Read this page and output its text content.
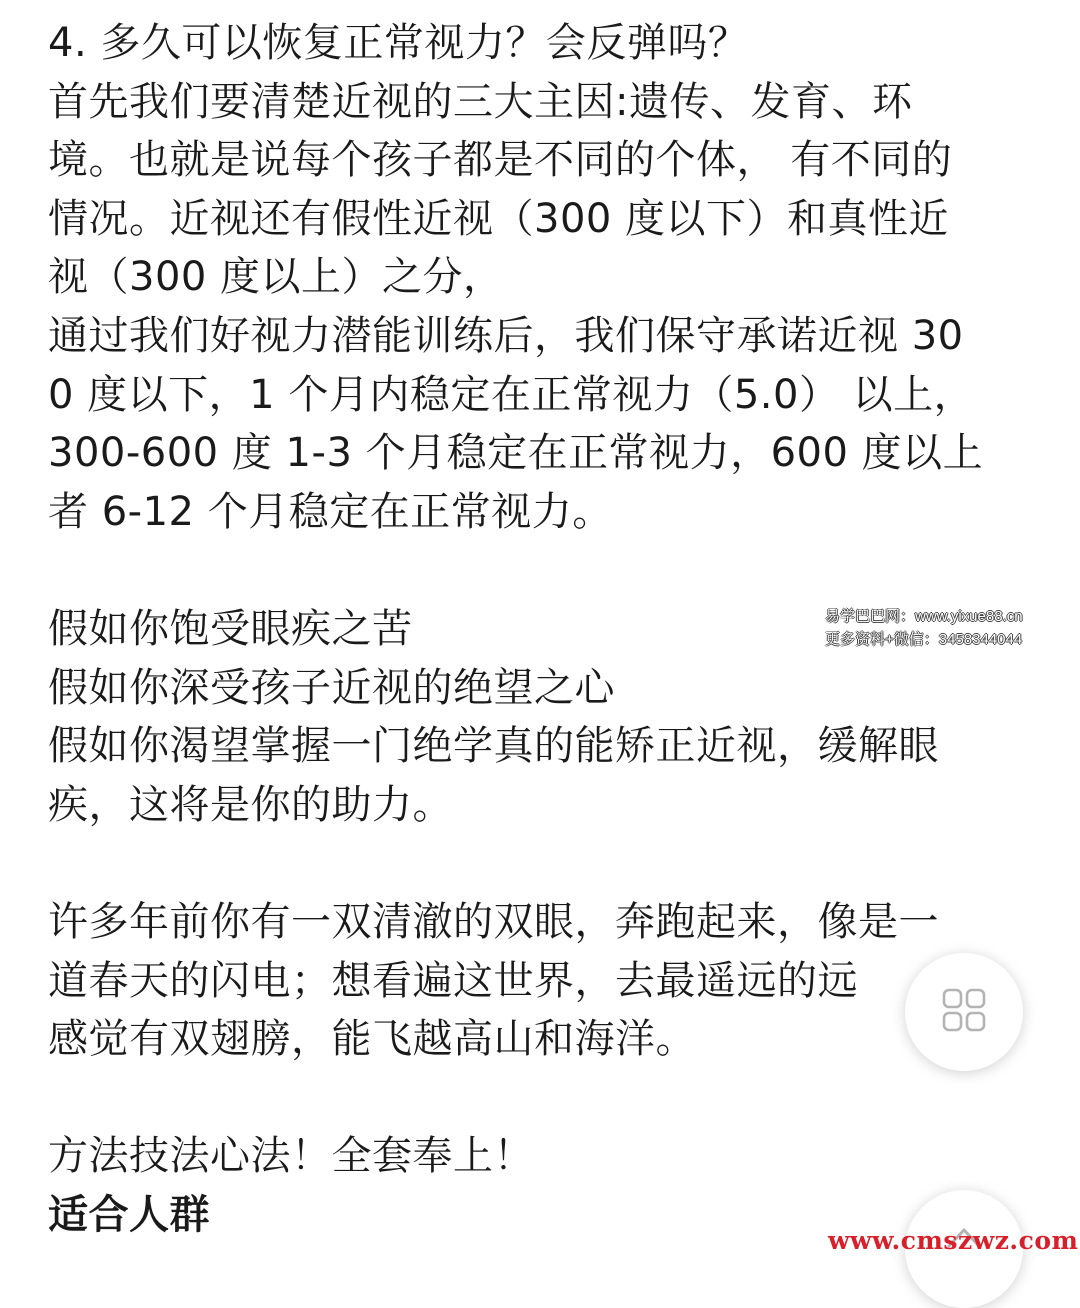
4. 多久可以恢复正常视力？会反弹吗？
首先我们要清楚近视的三大主因:遗传、发育、环
境。也就是说每个孩子都是不同的个体， 有不同的
情况。近视还有假性近视（300 度以下）和真性近
视（300 度以上）之分，
通过我们好视力潜能训练后，我们保守承诺近视 30
0 度以下，1 个月内稳定在正常视力（5.0） 以上，
300-600 度 1-3 个月稳定在正常视力，600 度以上
者 6-12 个月稳定在正常视力。
假如你饱受眼疾之苦
假如你深受孩子近视的绝望之心
假如你渴望掌握一门绝学真的能矫正近视，缓解眼
疾，这将是你的助力。
许多年前你有一双清澈的双眼，奔跑起来，像是一
道春天的闪电；想看遍这世界，去最遥远的远
感觉有双翅膀，能飞越高山和海洋。
方法技法心法！全套奉上！
适合人群
易学巴巴网：www.yixue88.cn
更多资料+微信：3458344044
www.cmszwz.com
